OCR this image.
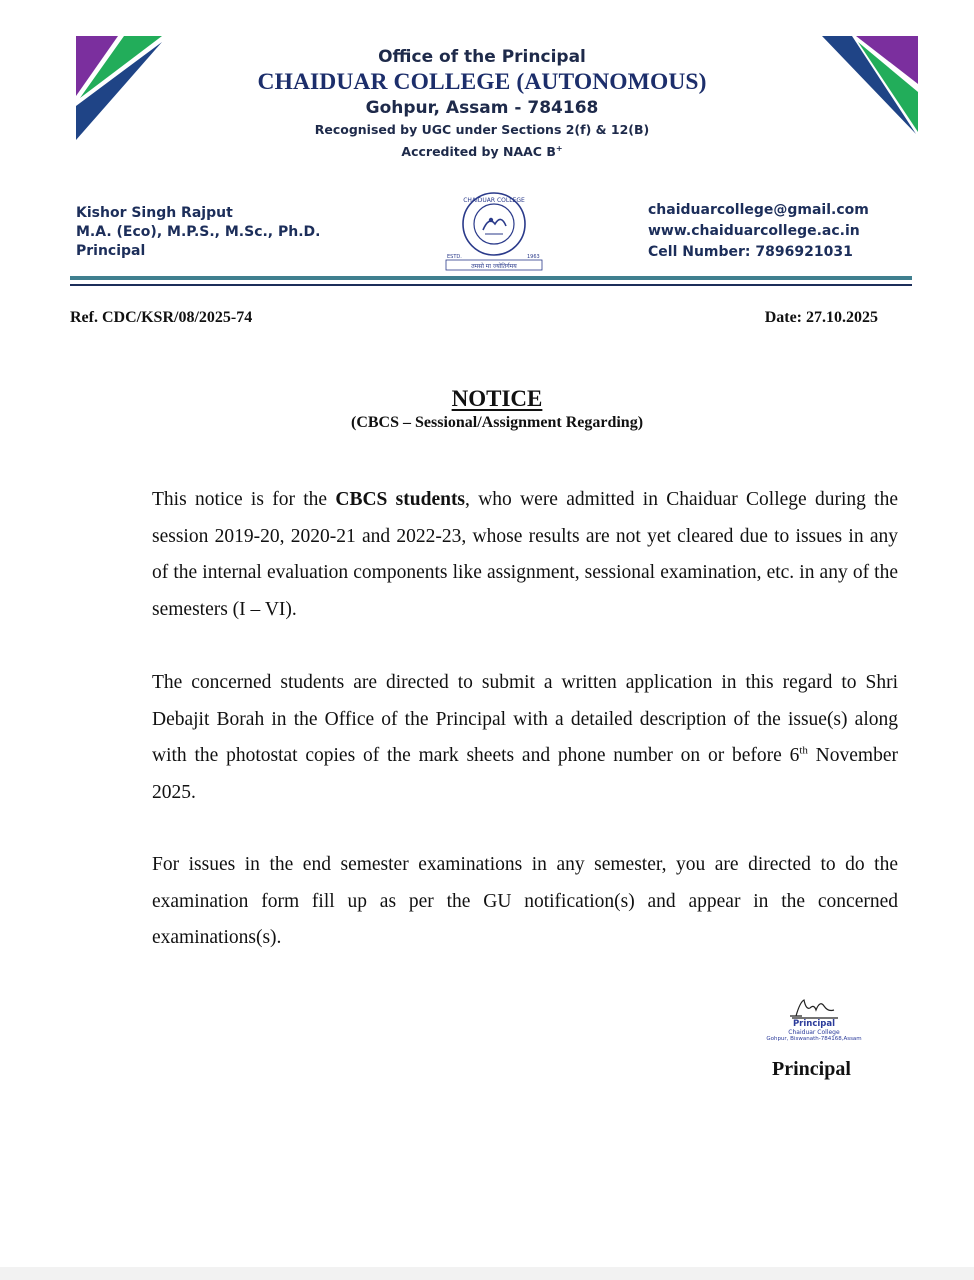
Office of the Principal
CHAIDUAR COLLEGE (AUTONOMOUS)
Gohpur, Assam - 784168
Recognised by UGC under Sections 2(f) & 12(B)
Accredited by NAAC B+
Kishor Singh Rajput
M.A. (Eco), M.P.S., M.Sc., Ph.D.
Principal
CHAIDUAR COLLEGE
ESTD.	1963
तमसो मा ज्योतिर्गमय
chaiduarcollege@gmail.com
www.chaiduarcollege.ac.in
Cell Number: 7896921031
Ref. CDC/KSR/08/2025-74	Date: 27.10.2025
NOTICE
(CBCS – Sessional/Assignment Regarding)
This notice is for the CBCS students, who were admitted in Chaiduar College during the session 2019-20, 2020-21 and 2022-23, whose results are not yet cleared due to issues in any of the internal evaluation components like assignment, sessional examination, etc. in any of the semesters (I – VI).
The concerned students are directed to submit a written application in this regard to Shri Debajit Borah in the Office of the Principal with a detailed description of the issue(s) along with the photostat copies of the mark sheets and phone number on or before 6th November 2025.
For issues in the end semester examinations in any semester, you are directed to do the examination form fill up as per the GU notification(s) and appear in the concerned examinations(s).
Principal
Chaiduar College
Gohpur, Biswanath-784168,Assam
Principal
